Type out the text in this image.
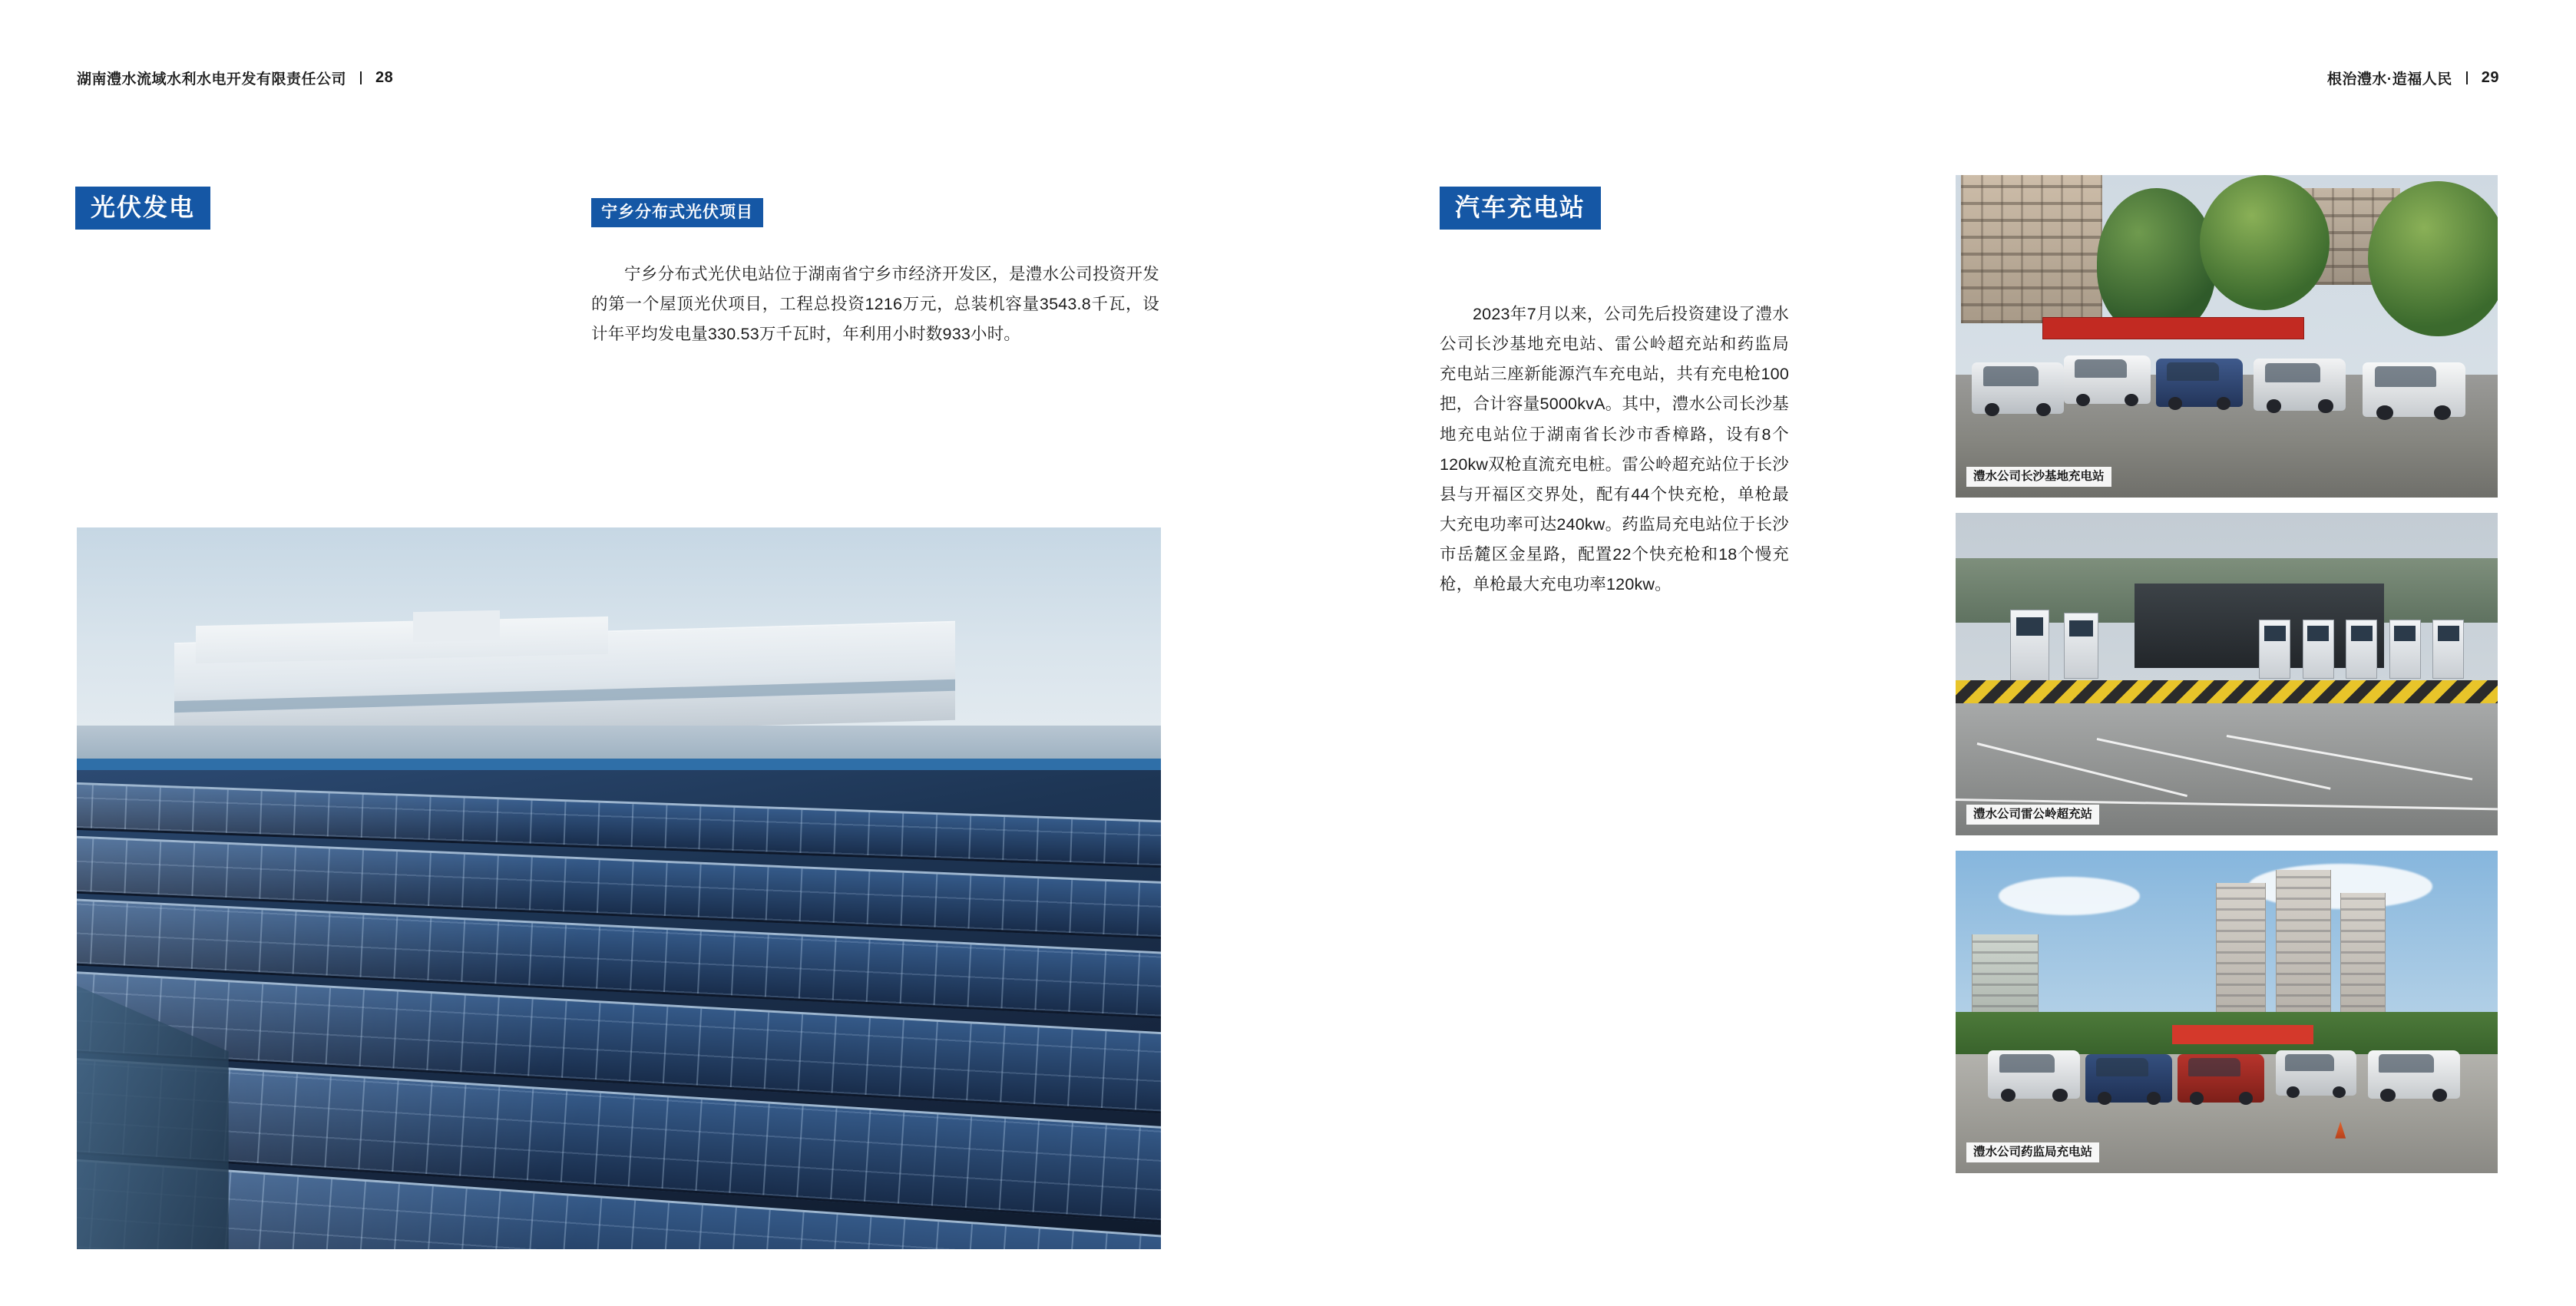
湖南澧水流域水利水电开发有限责任公司 28
光伏发电	宁乡分布式光伏项目

宁乡分布式光伏电站位于湖南省宁乡市经济开发区，是澧水公司投资开发的第一个屋顶光伏项目，工程总投资1216万元，总装机容量3543.8千瓦，设计年平均发电量330.53万千瓦时，年利用小时数933小时。

根治澧水·造福人民 29
汽车充电站

2023年7月以来，公司先后投资建设了澧水公司长沙基地充电站、雷公岭超充站和药监局充电站三座新能源汽车充电站，共有充电枪100把，合计容量5000kvA。其中，澧水公司长沙基地充电站位于湖南省长沙市香樟路，设有8个120kw双枪直流充电桩。雷公岭超充站位于长沙县与开福区交界处，配有44个快充枪，单枪最大充电功率可达240kw。药监局充电站位于长沙市岳麓区金星路，配置22个快充枪和18个慢充枪，单枪最大充电功率120kw。

澧水公司长沙基地充电站
澧水公司雷公岭超充站
澧水公司药监局充电站
